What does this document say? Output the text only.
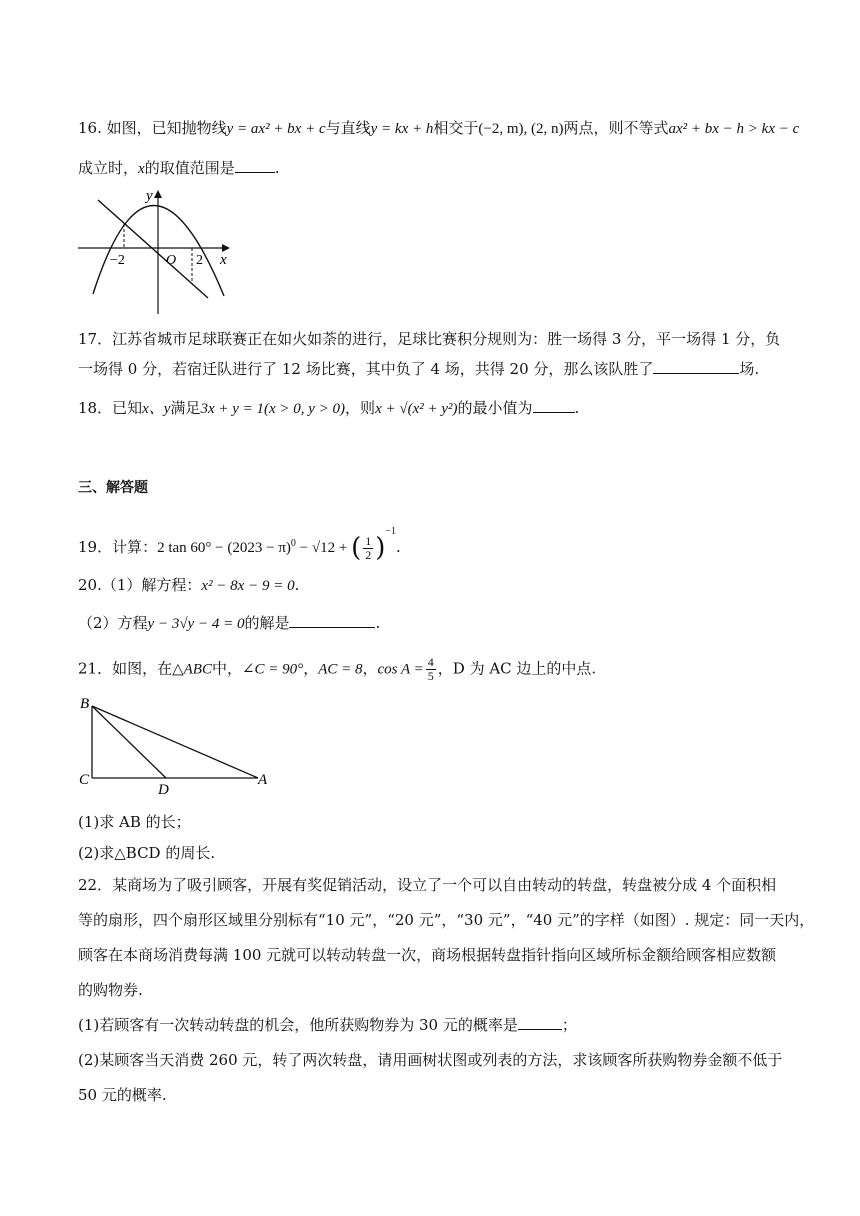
16. 如图，已知抛物线y = ax² + bx + c与直线y = kx + h相交于(−2, m), (2, n)两点，则不等式ax² + bx − h > kx − c
成立时，x的取值范围是	.
−2	O 2 x
y
17．江苏省城市足球联赛正在如火如荼的进行，足球比赛积分规则为：胜一场得 3 分，平一场得 1 分，负
一场得 0 分，若宿迁队进行了 12 场比赛，其中负了 4 场，共得 20 分，那么该队胜了	场.
18．已知x、y满足3x + y = 1(x > 0, y > 0)，则x + √(x² + y²)的最小值为	.
三、解答题
19．计算：2 $\tan 60^\circ - (2023 - \pi)^0 - √12$ + ( $\frac{1}{2} )^{-1}$.
20.（1）解方程：x² − 8x − 9 = 0.
（2）方程y − 3√y − 4 = 0的解是	.
21．如图，在△ABC中，∠C = 90°，AC = 8，$\cos A = \frac{4}{5}$ ，D 为 AC 边上的中点.
B
C
D
A
(1)求 AB 的长；
(2)求△BCD 的周长.
22．某商场为了吸引顾客，开展有奖促销活动，设立了一个可以自由转动的转盘，转盘被分成 4 个面积相
等的扇形，四个扇形区域里分别标有“10 元”，“20 元”，“30 元”，“40 元”的字样（如图）. 规定：同一天内，
顾客在本商场消费每满 100 元就可以转动转盘一次，商场根据转盘指针指向区域所标金额给顾客相应数额
的购物券.
(1)若顾客有一次转动转盘的机会，他所获购物券为 30 元的概率是	；
(2)某顾客当天消费 260 元，转了两次转盘，请用画树状图或列表的方法，求该顾客所获购物券金额不低于
50 元的概率.
